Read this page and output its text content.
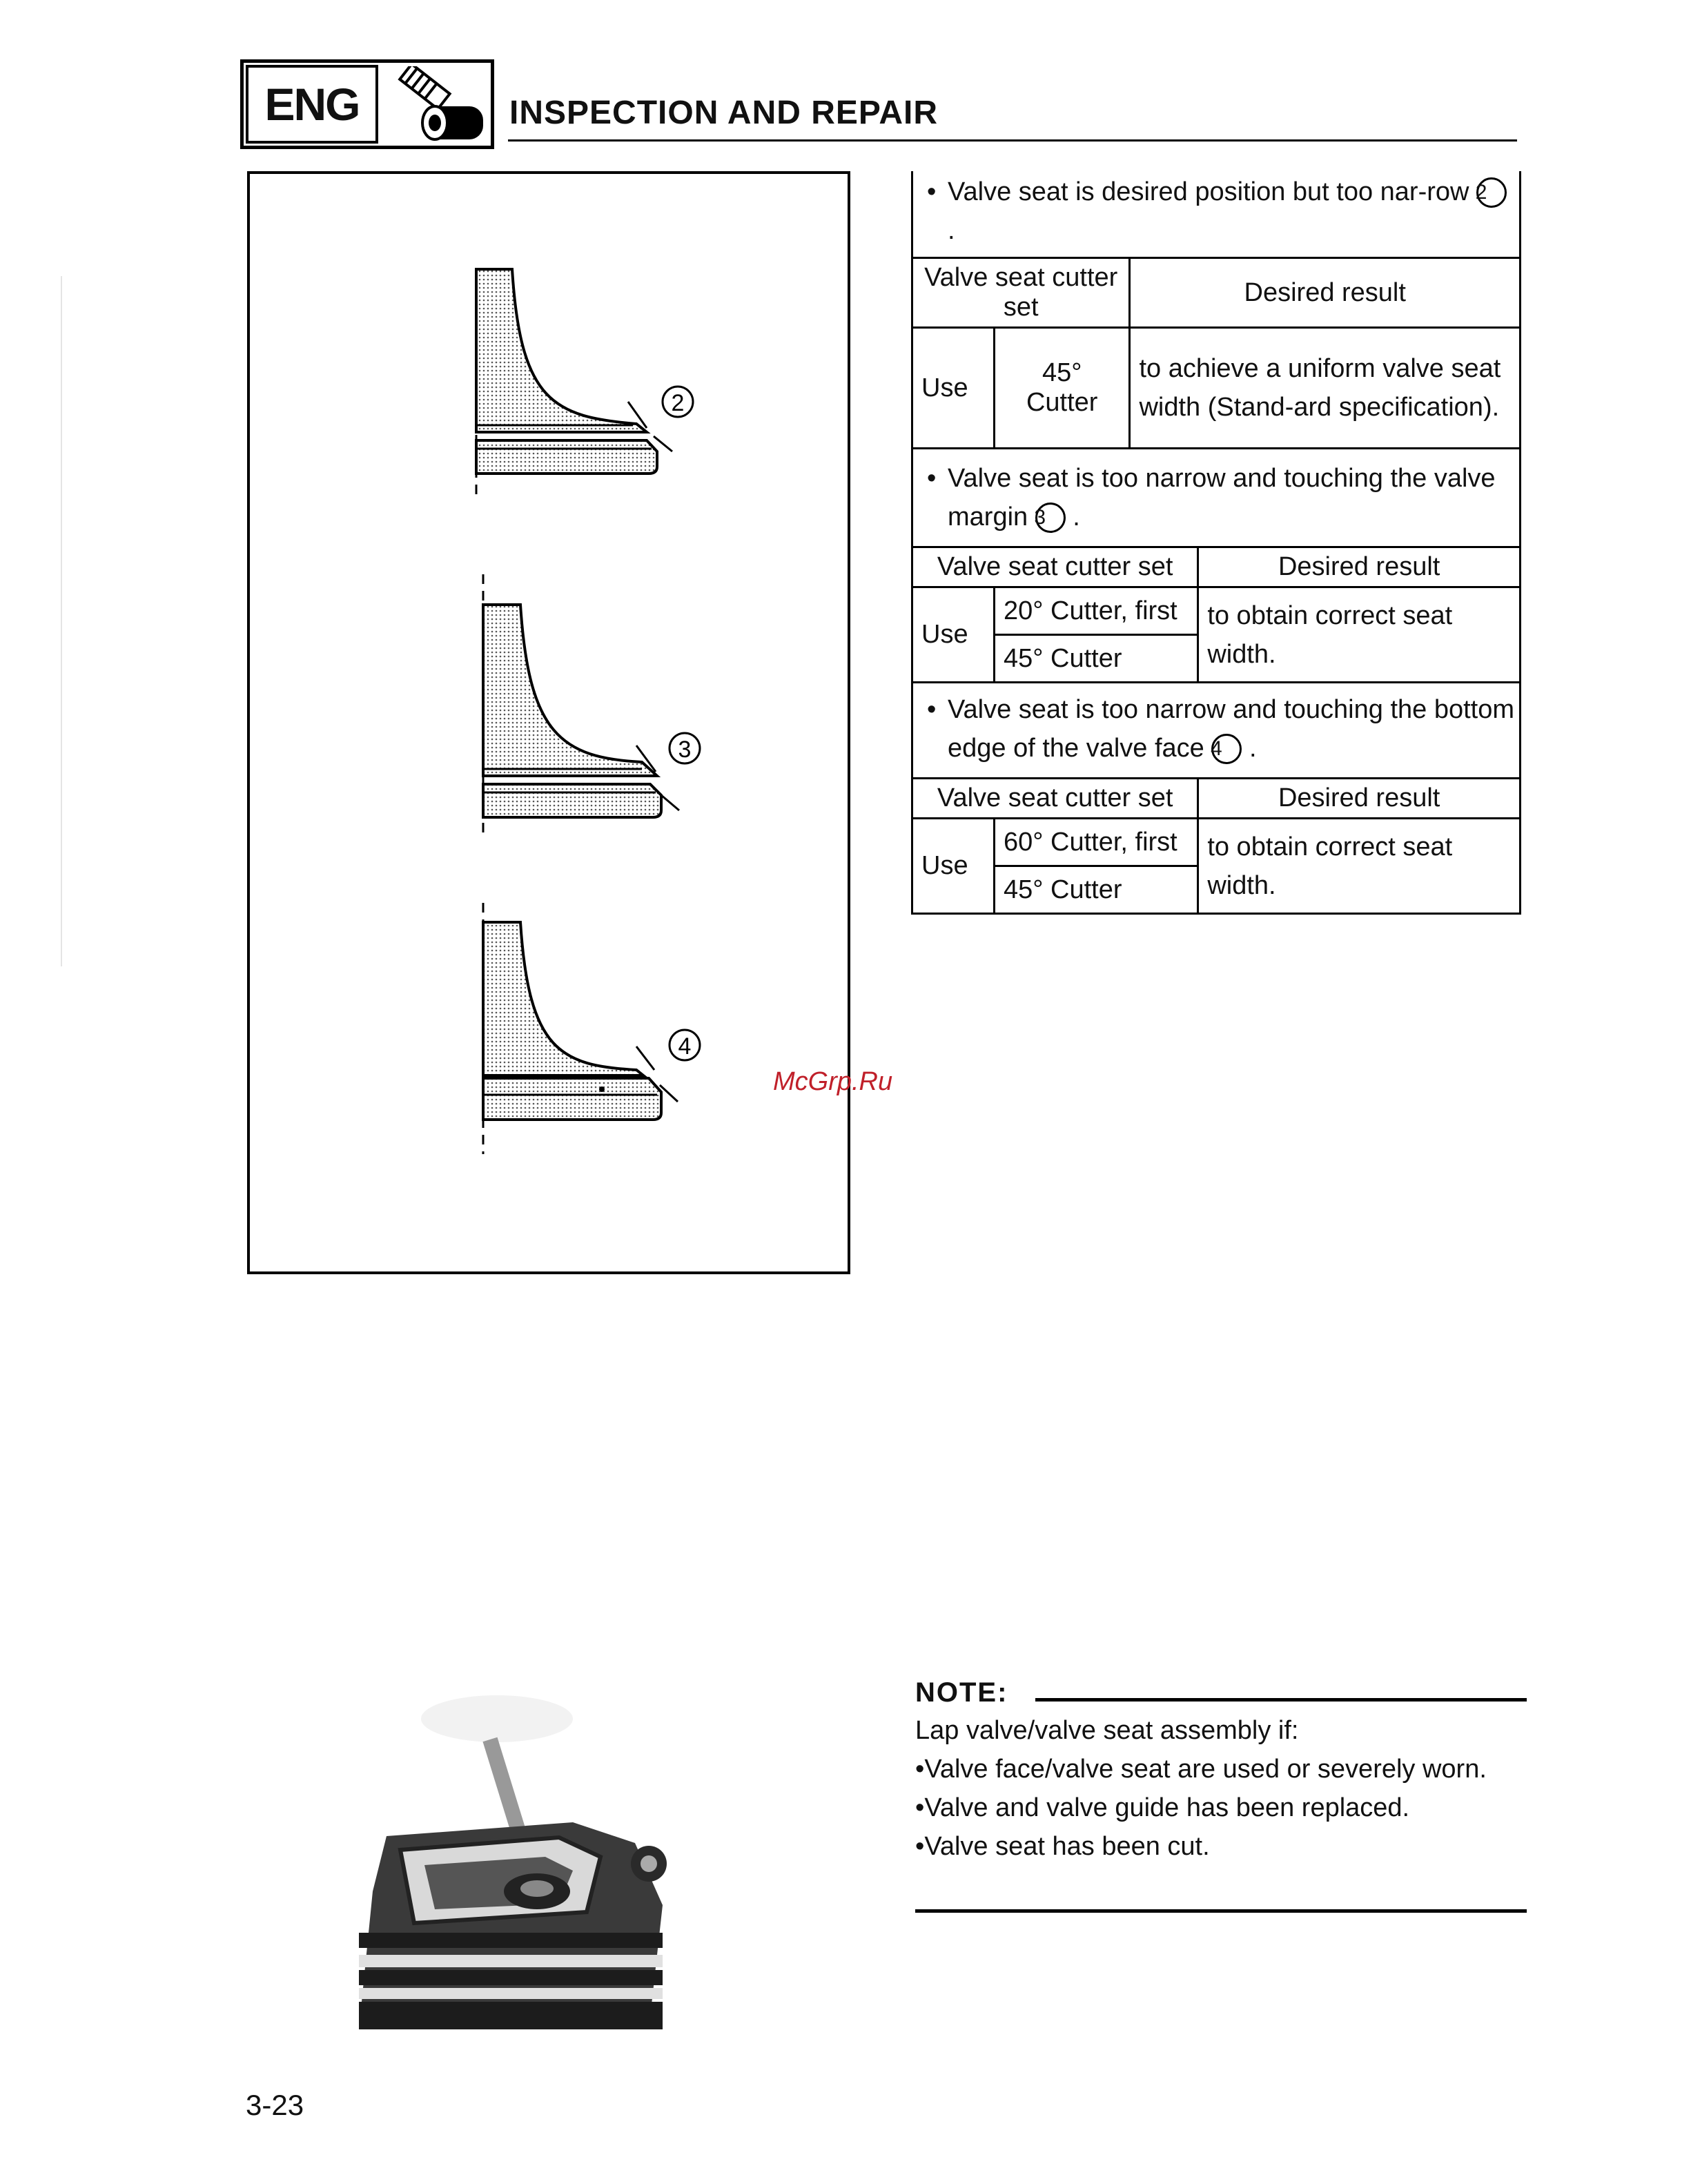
ENG	INSPECTION AND REPAIR
2
3
4
McGrp.Ru
• Valve seat is desired position but too nar-row 2 .
Valve seat cutter set		Desired result
Use	45° Cutter	to achieve a uniform valve seat width (Stand-ard specification).
• Valve seat is too narrow and touching the valve margin 3 .
Valve seat cutter set		Desired result
Use	20° Cutter, first	to obtain correct seat width.
	45° Cutter	
• Valve seat is too narrow and touching the bottom edge of the valve face 4 .
Valve seat cutter set		Desired result
Use	60° Cutter, first	to obtain correct seat width.
	45° Cutter	
NOTE:
Lap valve/valve seat assembly if:
•Valve face/valve seat are used or severely worn.
•Valve and valve guide has been replaced.
•Valve seat has been cut.
3-23
